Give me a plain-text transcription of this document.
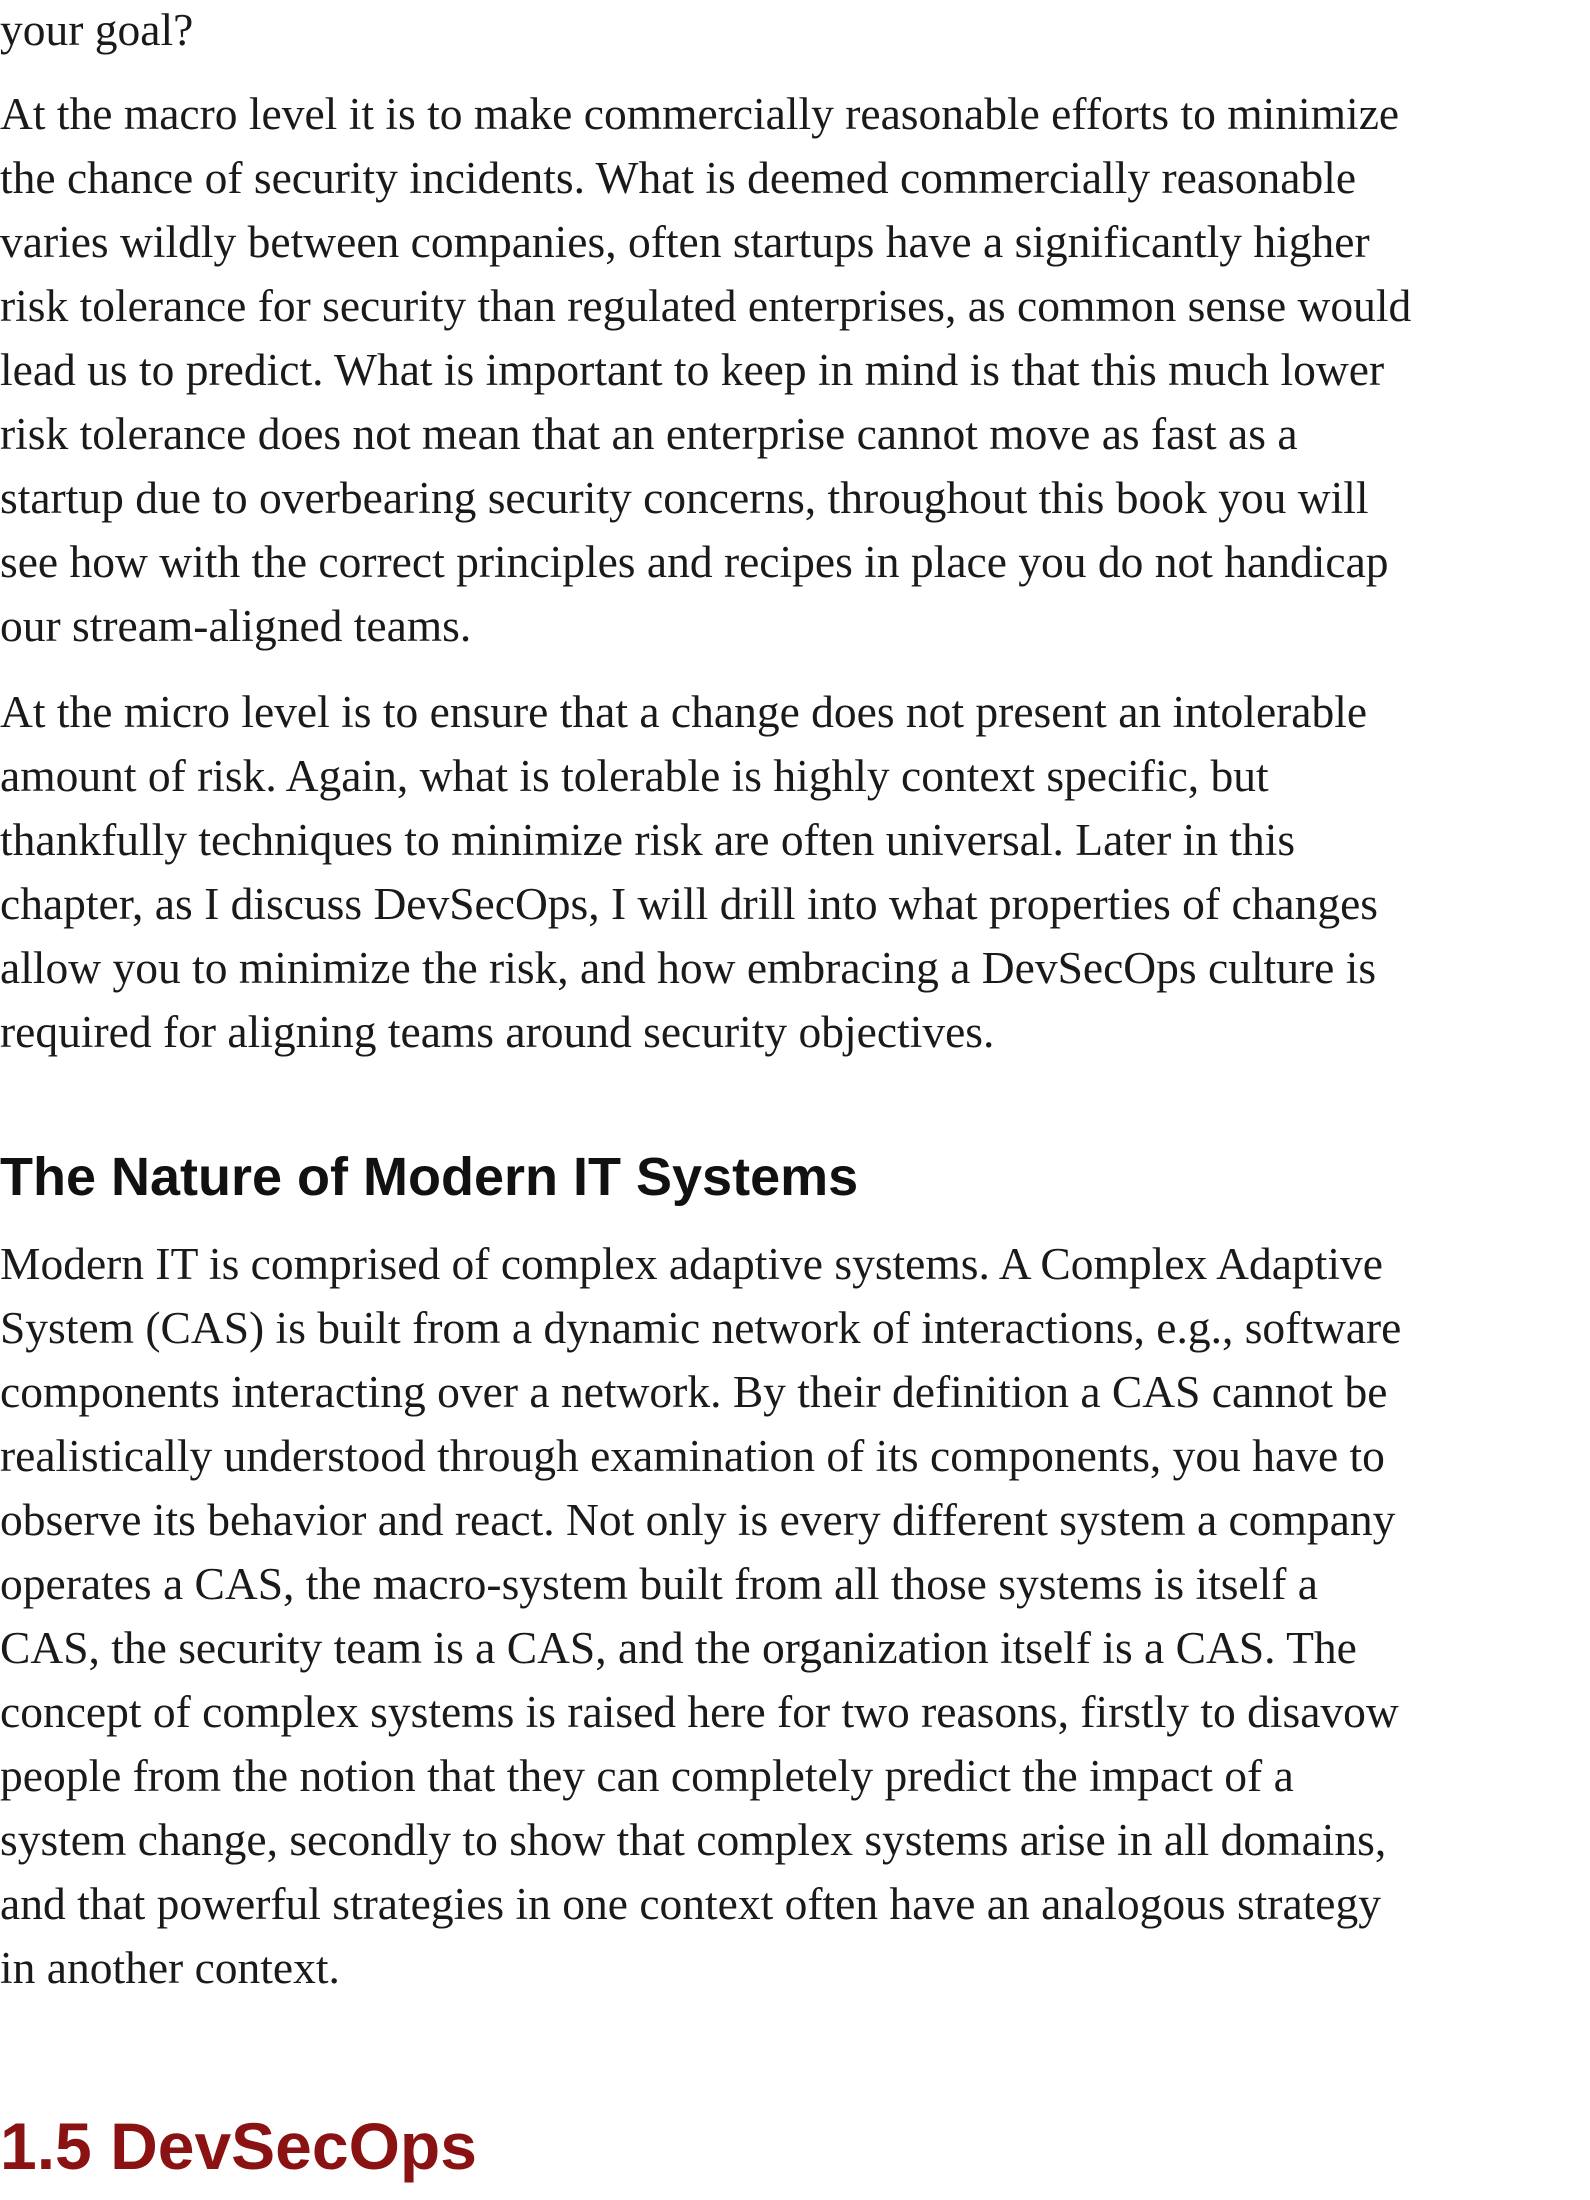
your goal?
At the macro level it is to make commercially reasonable efforts to minimize
the chance of security incidents. What is deemed commercially reasonable
varies wildly between companies, often startups have a significantly higher
risk tolerance for security than regulated enterprises, as common sense would
lead us to predict. What is important to keep in mind is that this much lower
risk tolerance does not mean that an enterprise cannot move as fast as a
startup due to overbearing security concerns, throughout this book you will
see how with the correct principles and recipes in place you do not handicap
our stream-aligned teams.
At the micro level is to ensure that a change does not present an intolerable
amount of risk. Again, what is tolerable is highly context specific, but
thankfully techniques to minimize risk are often universal. Later in this
chapter, as I discuss DevSecOps, I will drill into what properties of changes
allow you to minimize the risk, and how embracing a DevSecOps culture is
required for aligning teams around security objectives.
The Nature of Modern IT Systems
Modern IT is comprised of complex adaptive systems. A Complex Adaptive
System (CAS) is built from a dynamic network of interactions, e.g., software
components interacting over a network. By their definition a CAS cannot be
realistically understood through examination of its components, you have to
observe its behavior and react. Not only is every different system a company
operates a CAS, the macro-system built from all those systems is itself a
CAS, the security team is a CAS, and the organization itself is a CAS. The
concept of complex systems is raised here for two reasons, firstly to disavow
people from the notion that they can completely predict the impact of a
system change, secondly to show that complex systems arise in all domains,
and that powerful strategies in one context often have an analogous strategy
in another context.
1.5 DevSecOps
